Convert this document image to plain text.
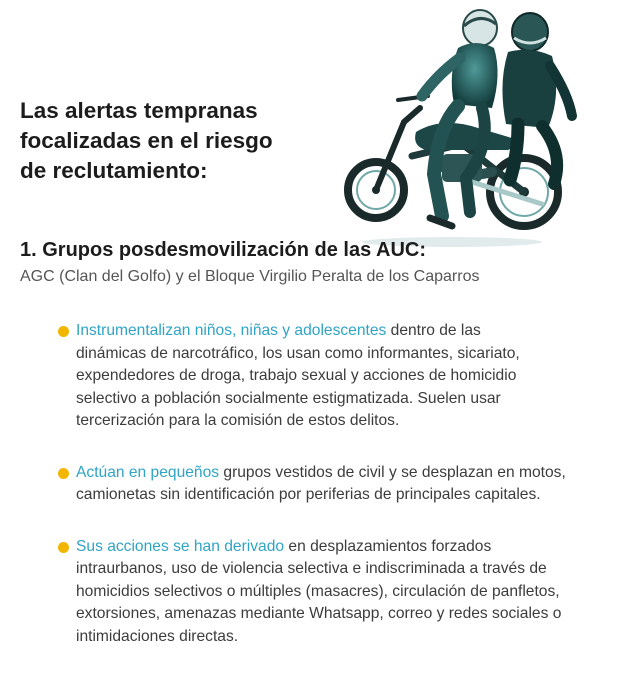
Las alertas tempranas
focalizadas en el riesgo
de reclutamiento:
1. Grupos posdesmovilización de las AUC:

AGC (Clan del Golfo) y el Bloque Virgilio Peralta de los Caparros

Instrumentalizan niños, niñas y adolescentes dentro de las
dinámicas de narcotráfico, los usan como informantes, sicariato,
expendedores de droga, trabajo sexual y acciones de homicidio
selectivo a población socialmente estigmatizada. Suelen usar
tercerización para la comisión de estos delitos.
Actúan en pequeños grupos vestidos de civil y se desplazan en motos,
camionetas sin identificación por periferias de principales capitales.
Sus acciones se han derivado en desplazamientos forzados
intraurbanos, uso de violencia selectiva e indiscriminada a través de
homicidios selectivos o múltiples (masacres), circulación de panfletos,
extorsiones, amenazas mediante Whatsapp, correo y redes sociales o
intimidaciones directas.
